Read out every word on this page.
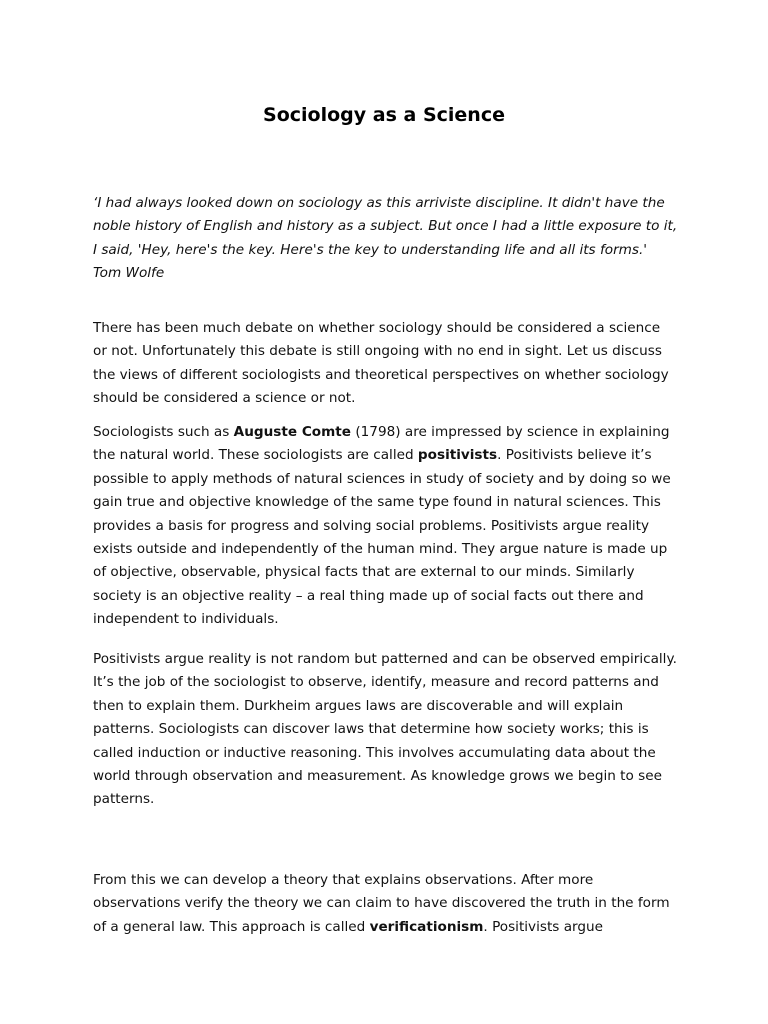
Sociology as a Science

‘I had always looked down on sociology as this arriviste discipline. It didn't have the noble history of English and history as a subject. But once I had a little exposure to it, I said, 'Hey, here's the key. Here's the key to understanding life and all its forms.' Tom Wolfe

There has been much debate on whether sociology should be considered a science or not. Unfortunately this debate is still ongoing with no end in sight. Let us discuss the views of different sociologists and theoretical perspectives on whether sociology should be considered a science or not.

Sociologists such as Auguste Comte (1798) are impressed by science in explaining the natural world. These sociologists are called positivists. Positivists believe it’s possible to apply methods of natural sciences in study of society and by doing so we gain true and objective knowledge of the same type found in natural sciences. This provides a basis for progress and solving social problems. Positivists argue reality exists outside and independently of the human mind. They argue nature is made up of objective, observable, physical facts that are external to our minds. Similarly society is an objective reality – a real thing made up of social facts out there and independent to individuals.

Positivists argue reality is not random but patterned and can be observed empirically. It’s the job of the sociologist to observe, identify, measure and record patterns and then to explain them. Durkheim argues laws are discoverable and will explain patterns. Sociologists can discover laws that determine how society works; this is called induction or inductive reasoning. This involves accumulating data about the world through observation and measurement. As knowledge grows we begin to see patterns.

From this we can develop a theory that explains observations. After more observations verify the theory we can claim to have discovered the truth in the form of a general law. This approach is called verificationism. Positivists argue
